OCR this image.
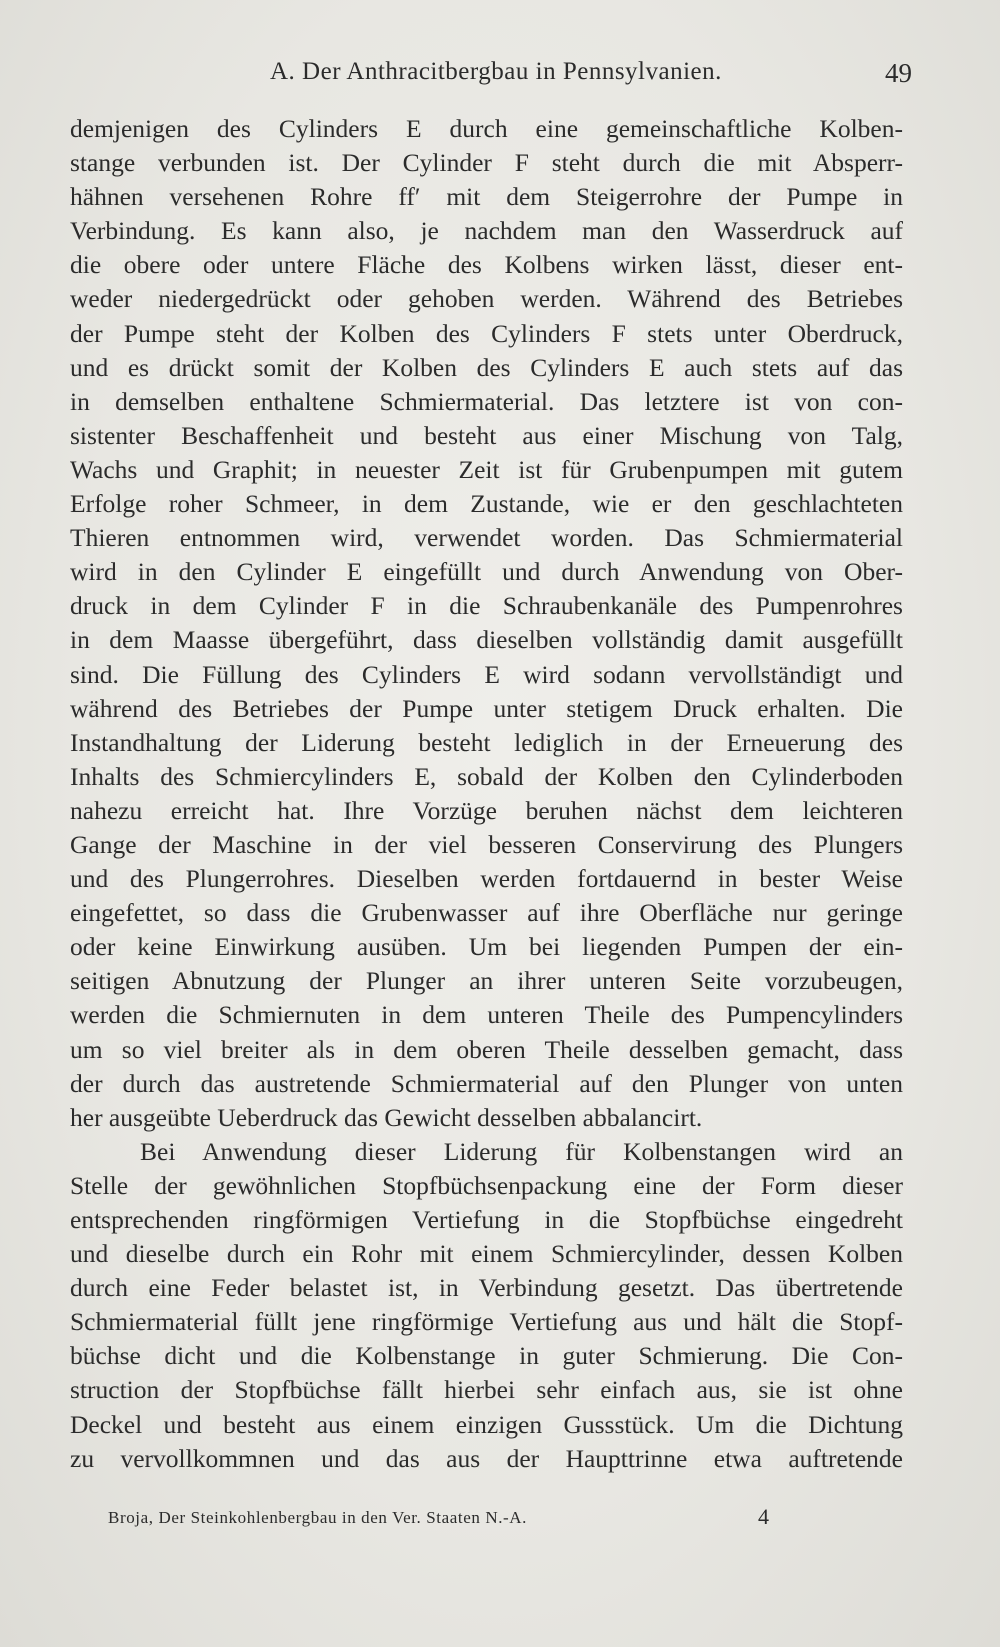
A. Der Anthracitbergbau in Pennsylvanien.	49
demjenigen des Cylinders E durch eine gemeinschaftliche Kolben-
stange verbunden ist. Der Cylinder F steht durch die mit Absperr-
hähnen versehenen Rohre ff′ mit dem Steigerrohre der Pumpe in
Verbindung. Es kann also, je nachdem man den Wasserdruck auf
die obere oder untere Fläche des Kolbens wirken lässt, dieser ent-
weder niedergedrückt oder gehoben werden. Während des Betriebes
der Pumpe steht der Kolben des Cylinders F stets unter Oberdruck,
und es drückt somit der Kolben des Cylinders E auch stets auf das
in demselben enthaltene Schmiermaterial. Das letztere ist von con-
sistenter Beschaffenheit und besteht aus einer Mischung von Talg,
Wachs und Graphit; in neuester Zeit ist für Grubenpumpen mit gutem
Erfolge roher Schmeer, in dem Zustande, wie er den geschlachteten
Thieren entnommen wird, verwendet worden. Das Schmiermaterial
wird in den Cylinder E eingefüllt und durch Anwendung von Ober-
druck in dem Cylinder F in die Schraubenkanäle des Pumpenrohres
in dem Maasse übergeführt, dass dieselben vollständig damit ausgefüllt
sind. Die Füllung des Cylinders E wird sodann vervollständigt und
während des Betriebes der Pumpe unter stetigem Druck erhalten. Die
Instandhaltung der Liderung besteht lediglich in der Erneuerung des
Inhalts des Schmiercylinders E, sobald der Kolben den Cylinderboden
nahezu erreicht hat. Ihre Vorzüge beruhen nächst dem leichteren
Gange der Maschine in der viel besseren Conservirung des Plungers
und des Plungerrohres. Dieselben werden fortdauernd in bester Weise
eingefettet, so dass die Grubenwasser auf ihre Oberfläche nur geringe
oder keine Einwirkung ausüben. Um bei liegenden Pumpen der ein-
seitigen Abnutzung der Plunger an ihrer unteren Seite vorzubeugen,
werden die Schmiernuten in dem unteren Theile des Pumpencylinders
um so viel breiter als in dem oberen Theile desselben gemacht, dass
der durch das austretende Schmiermaterial auf den Plunger von unten
her ausgeübte Ueberdruck das Gewicht desselben abbalancirt.
Bei Anwendung dieser Liderung für Kolbenstangen wird an
Stelle der gewöhnlichen Stopfbüchsenpackung eine der Form dieser
entsprechenden ringförmigen Vertiefung in die Stopfbüchse eingedreht
und dieselbe durch ein Rohr mit einem Schmiercylinder, dessen Kolben
durch eine Feder belastet ist, in Verbindung gesetzt. Das übertretende
Schmiermaterial füllt jene ringförmige Vertiefung aus und hält die Stopf-
büchse dicht und die Kolbenstange in guter Schmierung. Die Con-
struction der Stopfbüchse fällt hierbei sehr einfach aus, sie ist ohne
Deckel und besteht aus einem einzigen Gussstück. Um die Dichtung
zu vervollkommnen und das aus der Haupttrinne etwa auftretende
Broja, Der Steinkohlenbergbau in den Ver. Staaten N.-A.	4
